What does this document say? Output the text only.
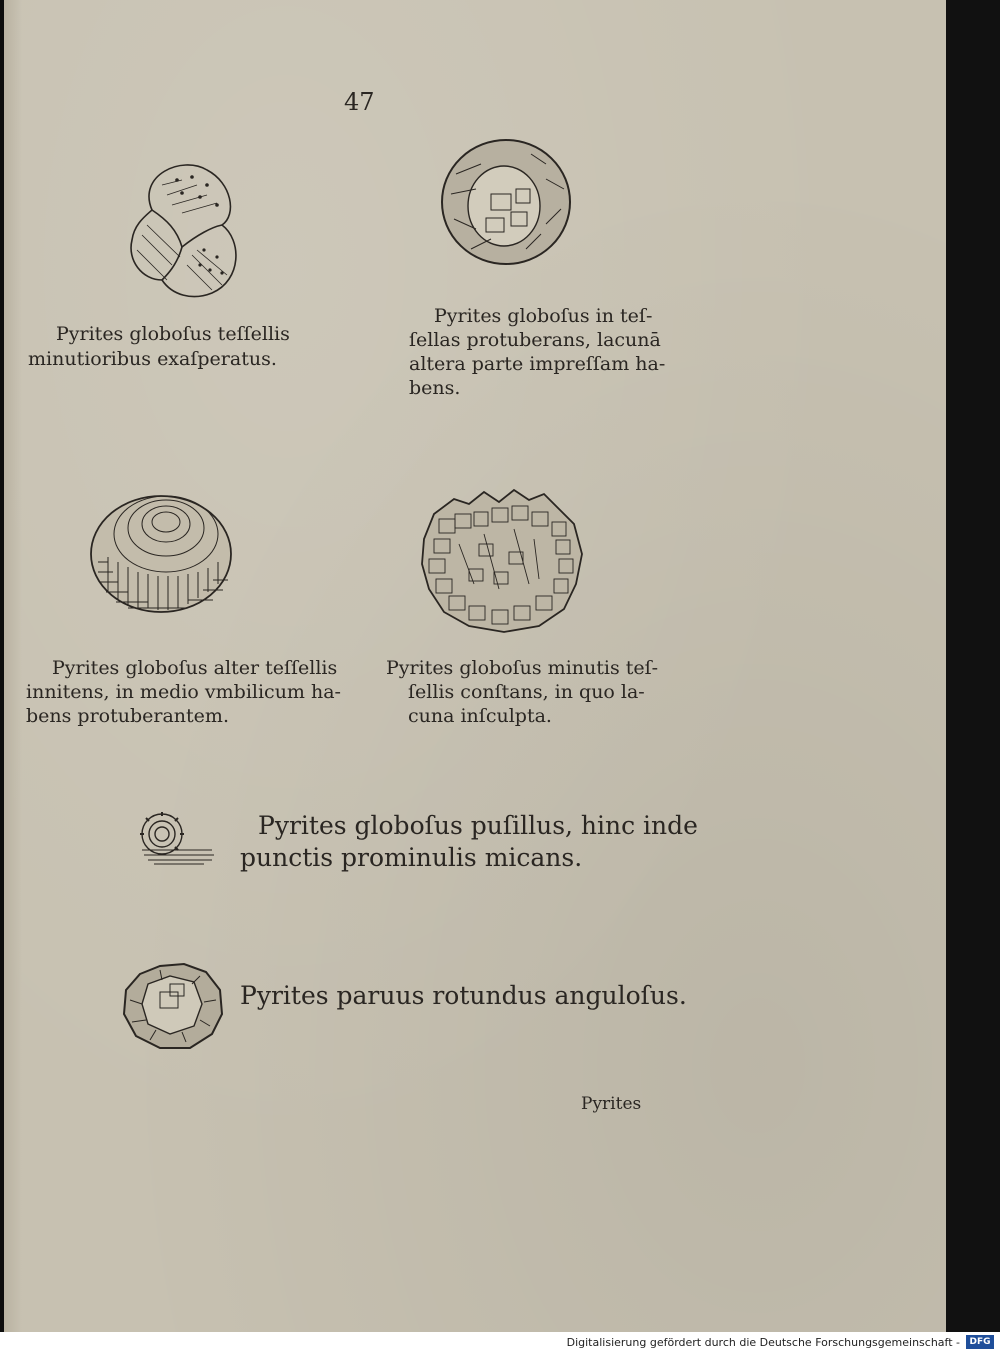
47
Pyrites globoſus teſſellis
minutioribus exaſperatus.
Pyrites globoſus in teſ-
ſellas protuberans, lacunā
altera parte impreſſam ha-
bens.
Pyrites globoſus alter teſſellis
innitens, in medio vmbilicum ha-
bens protuberantem.
Pyrites globoſus minutis teſ-
ſellis conſtans, in quo la-
cuna inſculpta.
Pyrites globoſus puſillus, hinc inde
punctis prominulis micans.
Pyrites paruus rotundus anguloſus.
Pyrites
Digitalisierung gefördert durch die Deutsche Forschungsgemeinschaft -	DFG
